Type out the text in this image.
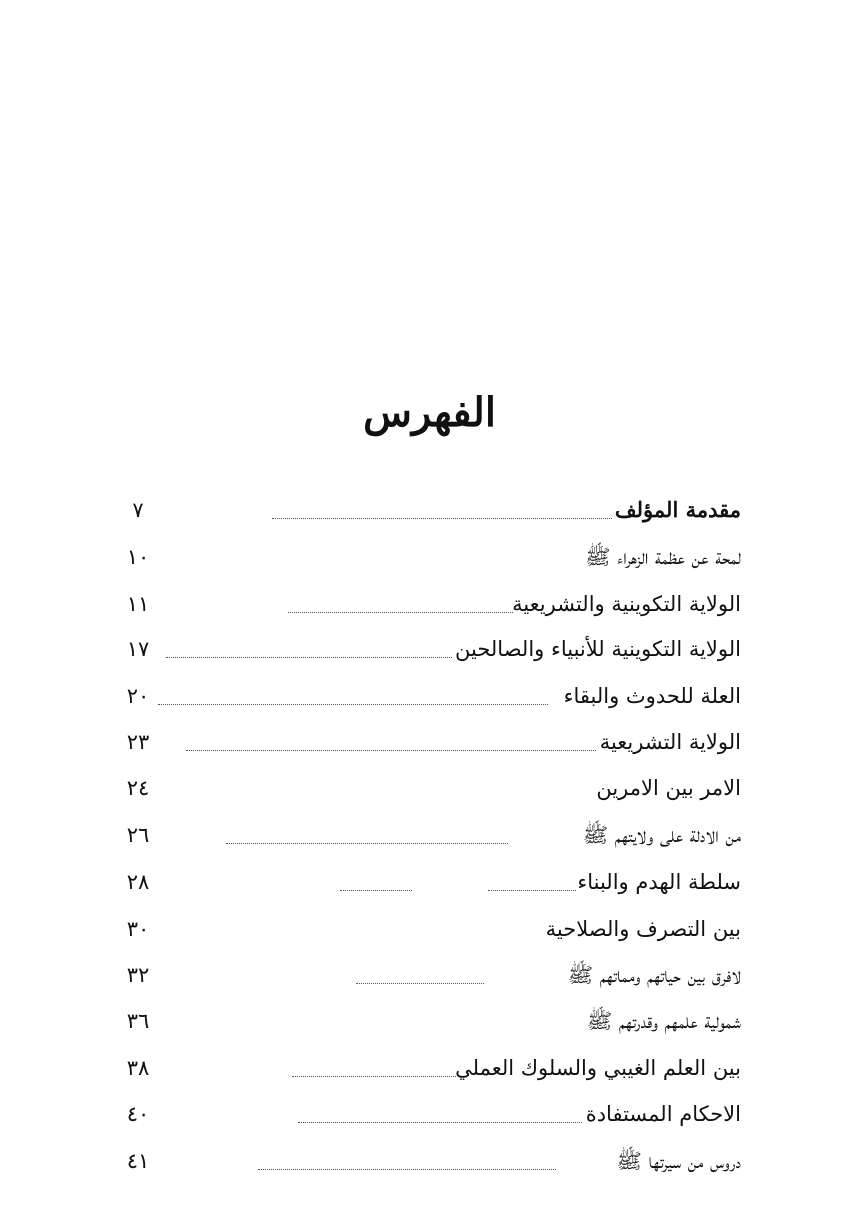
الفهرس
مقدمة المؤلف
٧
لمحة عن عظمة الزهراء ﷺ
١٠
الولاية التكوينية والتشريعية
١١
الولاية التكوينية للأنبياء والصالحين
١٧
العلة للحدوث والبقاء
٢٠
الولاية التشريعية
٢٣
الامر بين الامرين
٢٤
من الادلة على ولايتهم ﷺ
٢٦
سلطة الهدم والبناء
٢٨
بين التصرف والصلاحية
٣٠
لافرق بين حياتهم ومماتهم ﷺ
٣٢
شمولية علمهم وقدرتهم ﷺ
٣٦
بين العلم الغيبي والسلوك العملي
٣٨
الاحكام المستفادة
٤٠
دروس من سيرتها ﷺ
٤١
